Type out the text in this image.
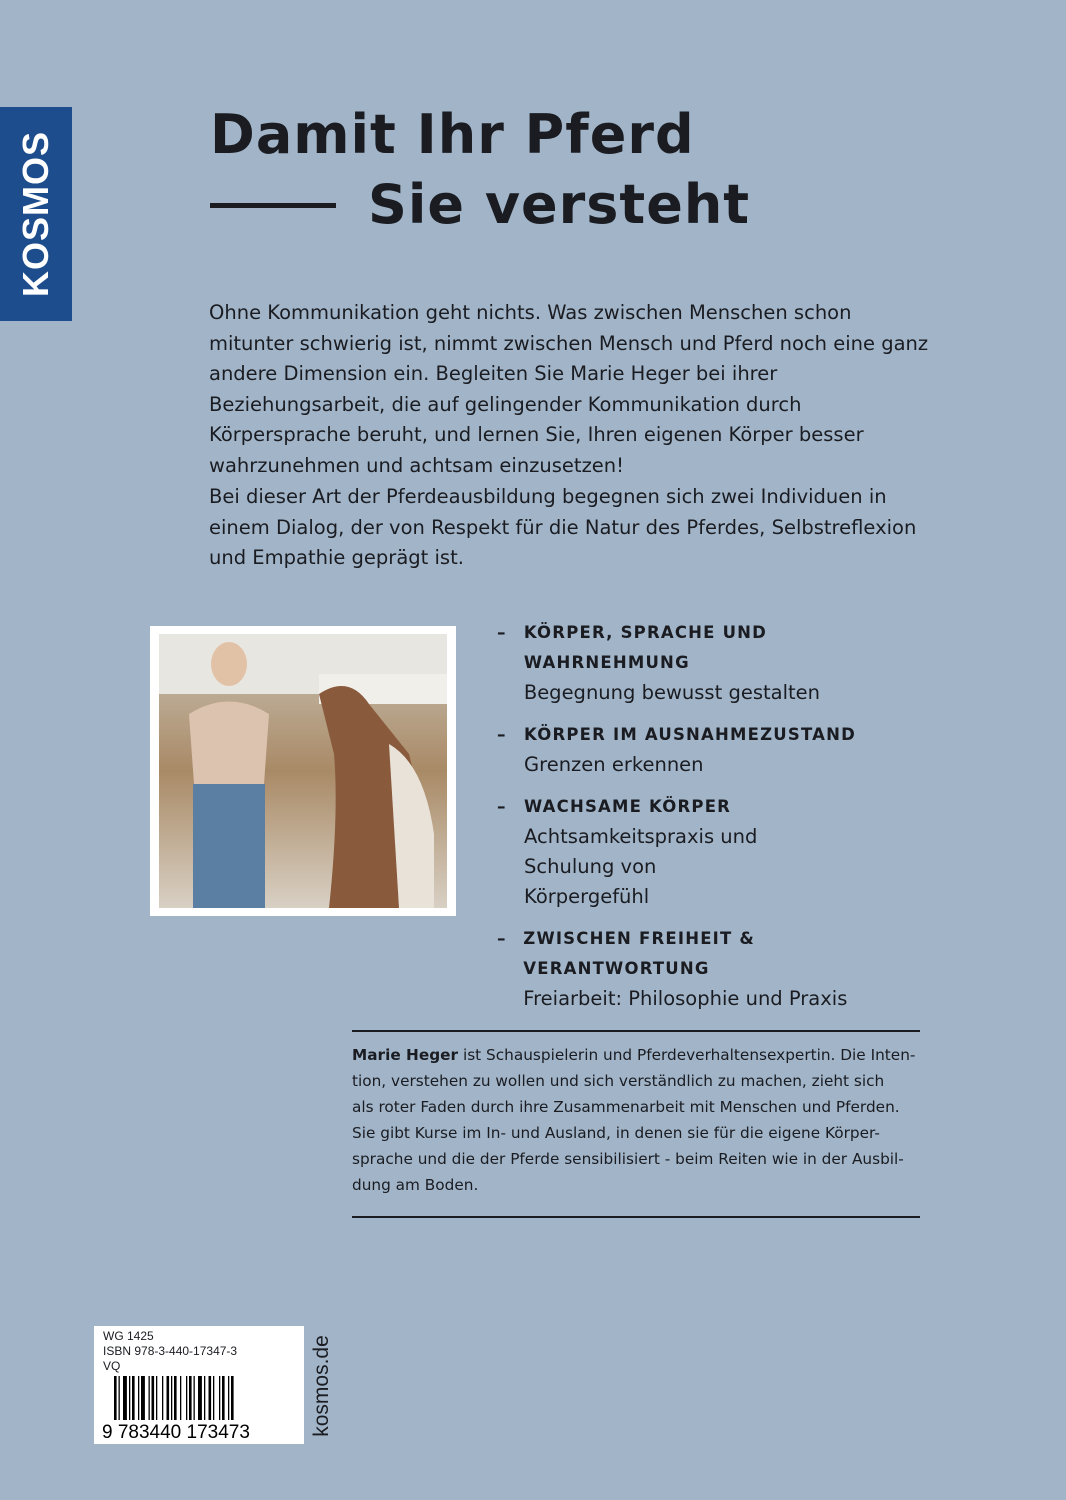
KOSMOS	Damit Ihr Pferd
Sie versteht
Ohne Kommunikation geht nichts. Was zwischen Menschen schon mitunter schwierig ist, nimmt zwischen Mensch und Pferd noch eine ganz andere Dimension ein. Begleiten Sie Marie Heger bei ihrer Beziehungsarbeit, die auf gelingender Kommunikation durch Körpersprache beruht, und lernen Sie, Ihren eigenen Körper besser wahrzunehmen und achtsam einzusetzen!
Bei dieser Art der Pferdeausbildung begegnen sich zwei Individuen in einem Dialog, der von Respekt für die Natur des Pferdes, Selbstreflexion und Empathie geprägt ist.
–	KÖRPER, SPRACHE UND WAHRNEHMUNG
Begegnung bewusst gestalten
–	KÖRPER IM AUSNAHMEZUSTAND
Grenzen erkennen
–	WACHSAME KÖRPER
Achtsamkeitspraxis und Schulung von Körpergefühl
–	ZWISCHEN FREIHEIT & VERANTWORTUNG
Freiarbeit: Philosophie und Praxis
Marie Heger ist Schauspielerin und Pferdeverhaltensexpertin. Die Inten-
tion, verstehen zu wollen und sich verständlich zu machen, zieht sich
als roter Faden durch ihre Zusammenarbeit mit Menschen und Pferden.
Sie gibt Kurse im In- und Ausland, in denen sie für die eigene Körper-
sprache und die der Pferde sensibilisiert - beim Reiten wie in der Ausbil-
dung am Boden.
WG 1425
ISBN 978-3-440-17347-3
VQ
9 783440 173473	kosmos.de
